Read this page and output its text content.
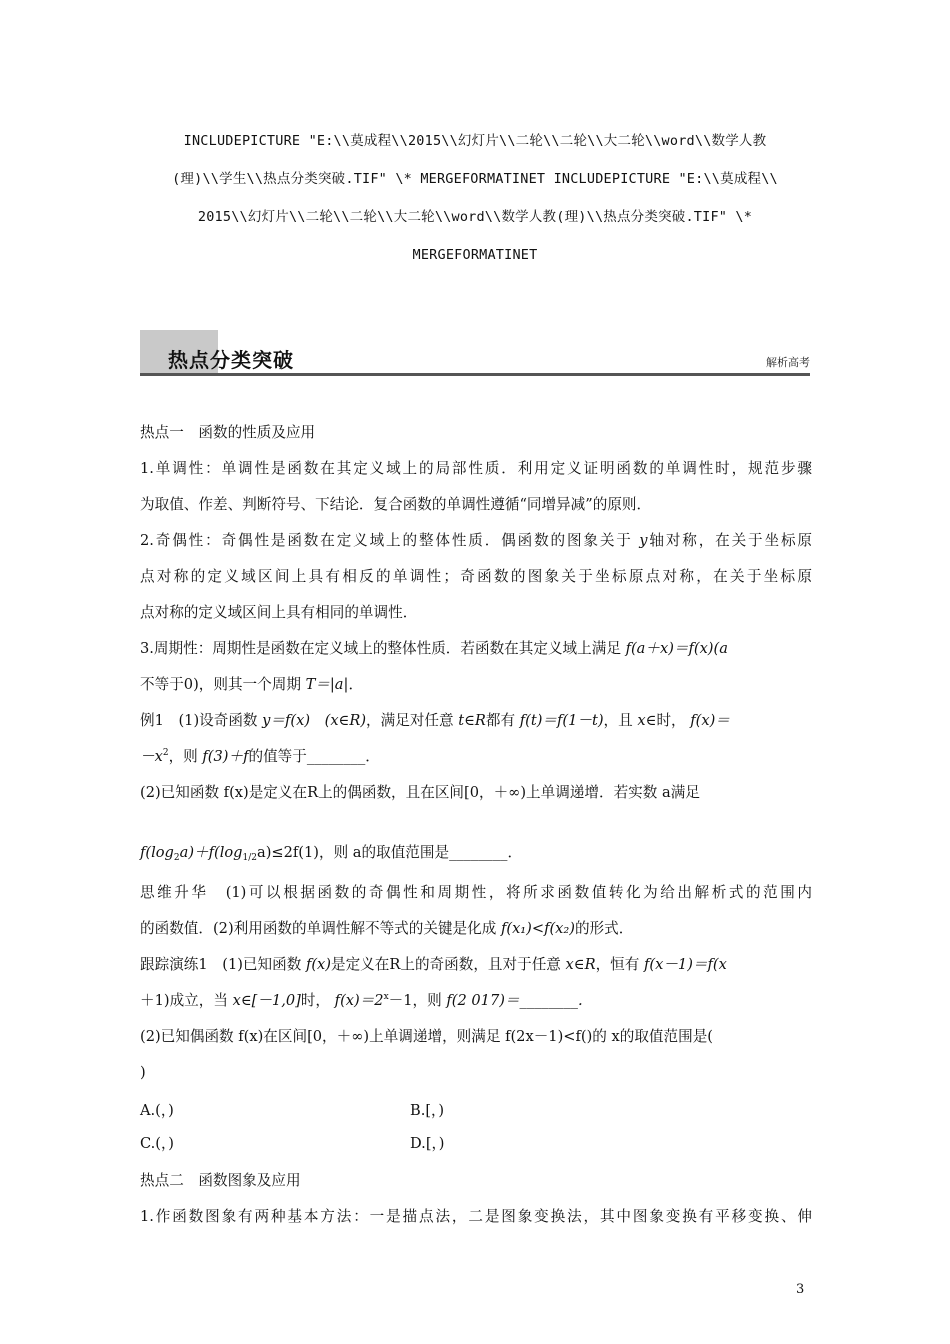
INCLUDEPICTURE "E:\\莫成程\\2015\\幻灯片\\二轮\\二轮\\大二轮\\word\\数学人教
(理)\\学生\\热点分类突破.TIF" \* MERGEFORMATINET INCLUDEPICTURE "E:\\莫成程\\
2015\\幻灯片\\二轮\\二轮\\大二轮\\word\\数学人教(理)\\热点分类突破.TIF" \*
MERGEFORMATINET
热点分类突破	解析高考
热点一　函数的性质及应用
1.单调性：单调性是函数在其定义域上的局部性质．利用定义证明函数的单调性时，规范步骤
为取值、作差、判断符号、下结论．复合函数的单调性遵循“同增异减”的原则．
2.奇偶性：奇偶性是函数在定义域上的整体性质．偶函数的图象关于 y轴对称，在关于坐标原
点对称的定义域区间上具有相反的单调性；奇函数的图象关于坐标原点对称，在关于坐标原
点对称的定义域区间上具有相同的单调性．
3.周期性：周期性是函数在定义域上的整体性质．若函数在其定义域上满足 f(a＋x)＝f(x)(a
不等于0)，则其一个周期 T＝|a|．
例1　(1)设奇函数 y＝f(x)　(x∈R)，满足对任意 t∈R都有 f(t)＝f(1－t)，且 x∈时， f(x)＝
$-x^2$，则 f(3)＋f的值等于________．
(2)已知函数 f(x)是定义在R上的偶函数，且在区间[0，＋∞)上单调递增．若实数 a满足
$f(\log_2a)+f(\log_{1/2}a)\le 2f(1)$，则 a的取值范围是________．
思维升华　(1)可以根据函数的奇偶性和周期性，将所求函数值转化为给出解析式的范围内
的函数值．(2)利用函数的单调性解不等式的关键是化成 f(x₁)<f(x₂)的形式．
跟踪演练1　(1)已知函数 f(x)是定义在R上的奇函数，且对于任意 x∈R，恒有 f(x－1)＝f(x
＋1)成立，当 x∈[－1,0]时， $f(x)=2^x-1$，则 f(2 017)＝________．
(2)已知偶函数 f(x)在区间[0，＋∞)上单调递增，则满足 f(2x－1)<f()的 x的取值范围是(
)
A.(，)	B.[，)
C.(，)	D.[，)
热点二　函数图象及应用
1.作函数图象有两种基本方法：一是描点法，二是图象变换法，其中图象变换有平移变换、伸
3
